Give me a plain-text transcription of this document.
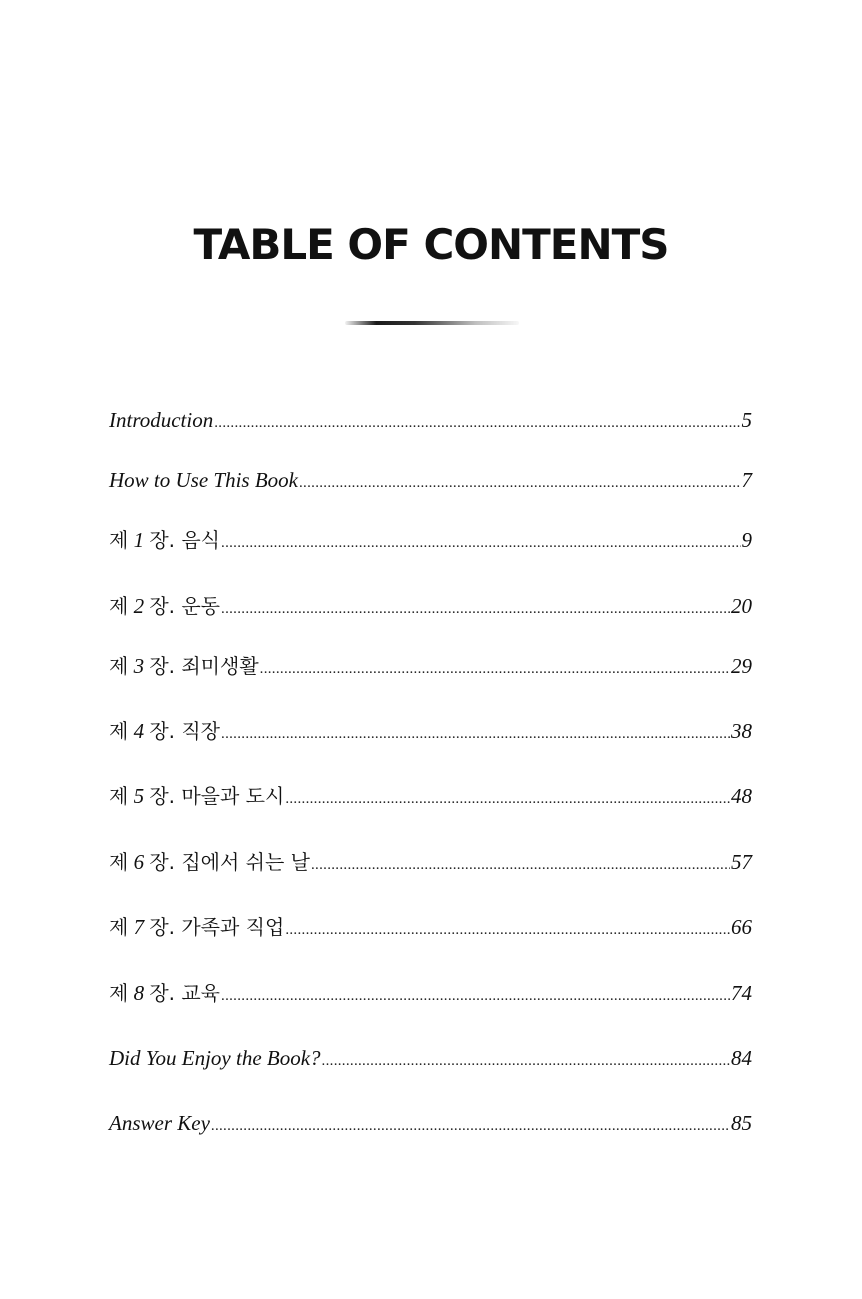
TABLE OF CONTENTS
Introduction .....	5
How to Use This Book .....	7
제 1 장. 음식 .....	9
제 2 장. 운동 .....	20
제 3 장. 죄미생활 .....	29
제 4 장. 직장 .....	38
제 5 장. 마을과 도시 .....	48
제 6 장. 집에서 쉬는 날 .....	57
제 7 장. 가족과 직업 .....	66
제 8 장. 교육 .....	74
Did You Enjoy the Book? .....	84
Answer Key .....	85
